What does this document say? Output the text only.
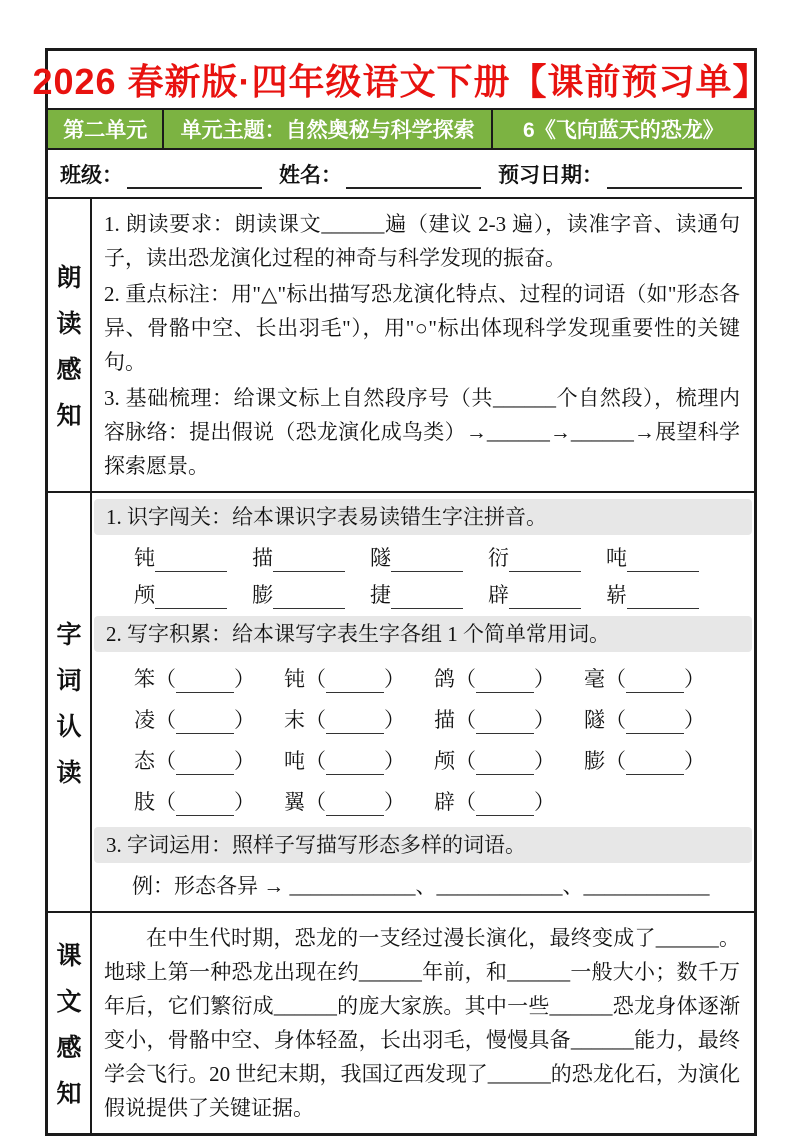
2026 春新版·四年级语文下册【课前预习单】
第二单元	单元主题：自然奥秘与科学探索	6《飞向蓝天的恐龙》
班级：	姓名：	预习日期：
朗
读
感
知

1. 朗读要求：朗读课文______遍（建议 2-3 遍），读准字音、读通句子，读出恐龙演化过程的神奇与科学发现的振奋。

2. 重点标注：用"△"标出描写恐龙演化特点、过程的词语（如"形态各异、骨骼中空、长出羽毛"），用"○"标出体现科学发现重要性的关键句。

3. 基础梳理：给课文标上自然段序号（共______个自然段），梳理内容脉络：提出假说（恐龙演化成鸟类）→______→______→展望科学探索愿景。

字
词
认
读
1. 识字闯关：给本课识字表易读错生字注拼音。
钝	描	隧	衍	吨
颅	膨	捷	辟	崭
2. 写字积累：给本课写字表生字各组 1 个简单常用词。
笨 （	） 钝 （	） 鸽 （	） 毫 （	）
凌 （	） 末 （	） 描 （	） 隧 （	）
态 （	） 吨 （	） 颅 （	） 膨 （	）
肢 （	） 翼 （	） 辟 （	）
3. 字词运用：照样子写描写形态多样的词语。
例：形态各异 → ____________、____________、____________
课
文
感
知

在中生代时期，恐龙的一支经过漫长演化，最终变成了______。地球上第一种恐龙出现在约______年前，和______一般大小；数千万年后，它们繁衍成______的庞大家族。其中一些______恐龙身体逐渐变小，骨骼中空、身体轻盈，长出羽毛，慢慢具备______能力，最终学会飞行。20 世纪末期，我国辽西发现了______的恐龙化石，为演化假说提供了关键证据。
